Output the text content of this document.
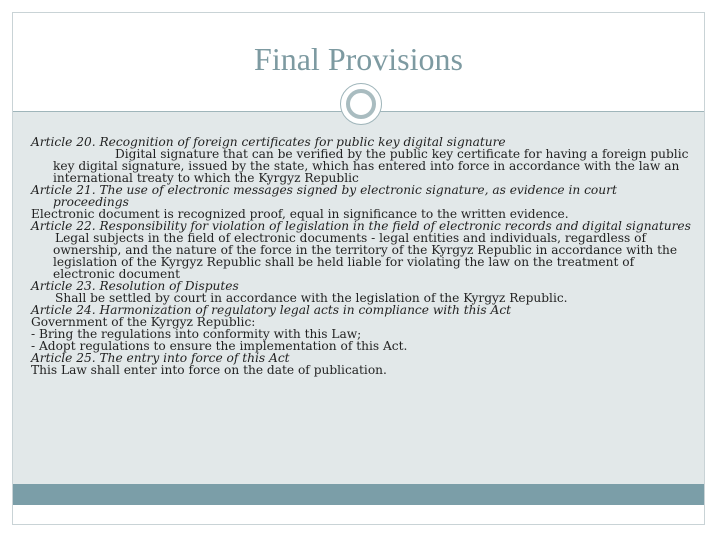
Final Provisions

Article 20. Recognition of foreign certificates for public key digital signature

Digital signature that can be verified by the public key certificate for having a foreign public key digital signature, issued by the state, which has entered into force in accordance with the law an international treaty to which the Kyrgyz Republic

Article 21. The use of electronic messages signed by electronic signature, as evidence in court proceedings

Electronic document is recognized proof, equal in significance to the written evidence.

Article 22. Responsibility for violation of legislation in the field of electronic records and digital signatures

Legal subjects in the field of electronic documents - legal entities and individuals, regardless of ownership, and the nature of the force in the territory of the Kyrgyz Republic in accordance with the legislation of the Kyrgyz Republic shall be held liable for violating the law on the treatment of electronic document

Article 23. Resolution of Disputes

Shall be settled by court in accordance with the legislation of the Kyrgyz Republic.

Article 24. Harmonization of regulatory legal acts in compliance with this Act

Government of the Kyrgyz Republic:

- Bring the regulations into conformity with this Law;

- Adopt regulations to ensure the implementation of this Act.

Article 25. The entry into force of this Act

This Law shall enter into force on the date of publication.
